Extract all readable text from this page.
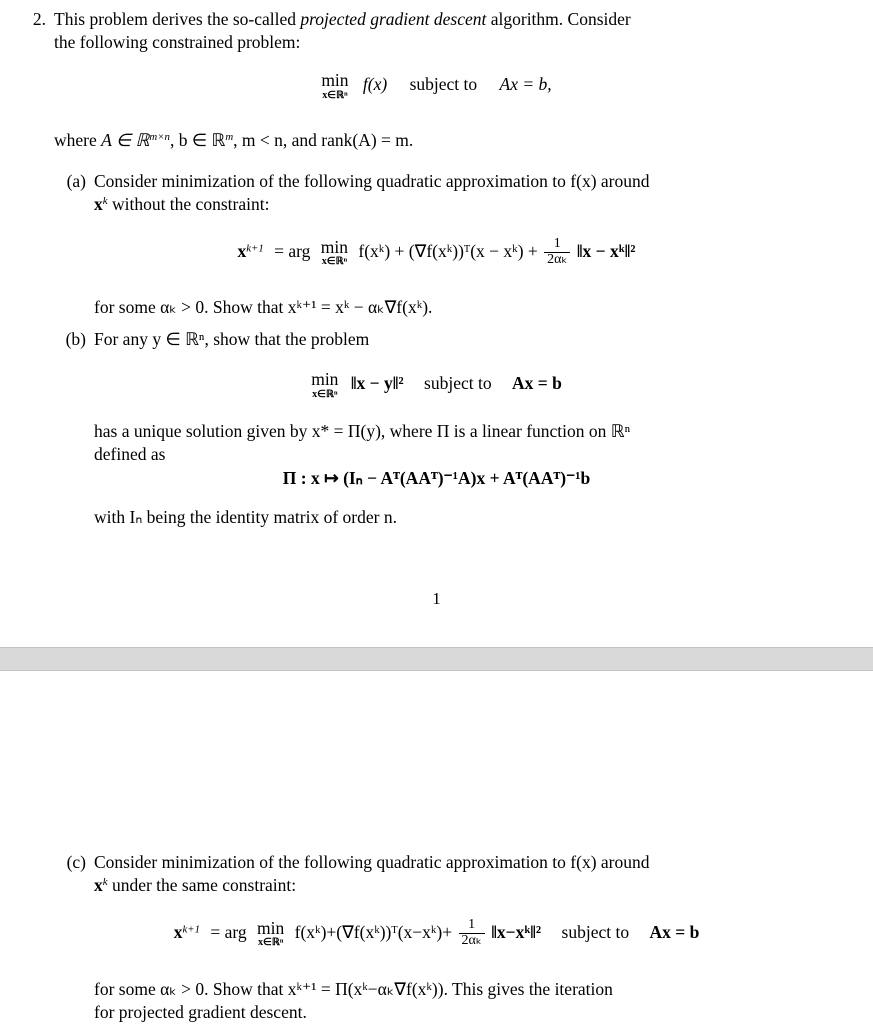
2. This problem derives the so-called projected gradient descent algorithm. Consider
the following constrained problem:
min
x∈ℝⁿ
f(x) subject to Ax = b,
where A ∈ ℝ$^{m\times n}$, b ∈ ℝ$^m$, m < n, and rank(A) = m.
(a) Consider minimization of the following quadratic approximation to f(x) around
$x^k$ without the constraint:
$x^{k+1}$ = arg min
x∈ℝⁿ
f(xᵏ) + (∇f(xᵏ))ᵀ(x − xᵏ) + $\frac{1}{\text{2αₖ}}$ ‖x − xᵏ‖²
for some αₖ > 0. Show that xᵏ⁺¹ = xᵏ − αₖ∇f(xᵏ).
(b) For any y ∈ ℝⁿ, show that the problem
min
x∈ℝⁿ
‖x − y‖² subject to Ax = b
has a unique solution given by x* = Π(y), where Π is a linear function on ℝⁿ
defined as
Π : x ↦ (Iₙ − Aᵀ(AAᵀ)⁻¹A)x + Aᵀ(AAᵀ)⁻¹b
with Iₙ being the identity matrix of order n.
1
(c) Consider minimization of the following quadratic approximation to f(x) around
$x^k$ under the same constraint:
$x^{k+1}$ = arg min
x∈ℝⁿ
f(xᵏ)+(∇f(xᵏ))ᵀ(x−xᵏ)+ $\frac{1}{\text{2αₖ}}$ ‖x−xᵏ‖² subject to Ax = b
for some αₖ > 0. Show that xᵏ⁺¹ = Π(xᵏ−αₖ∇f(xᵏ)). This gives the iteration
for projected gradient descent.
